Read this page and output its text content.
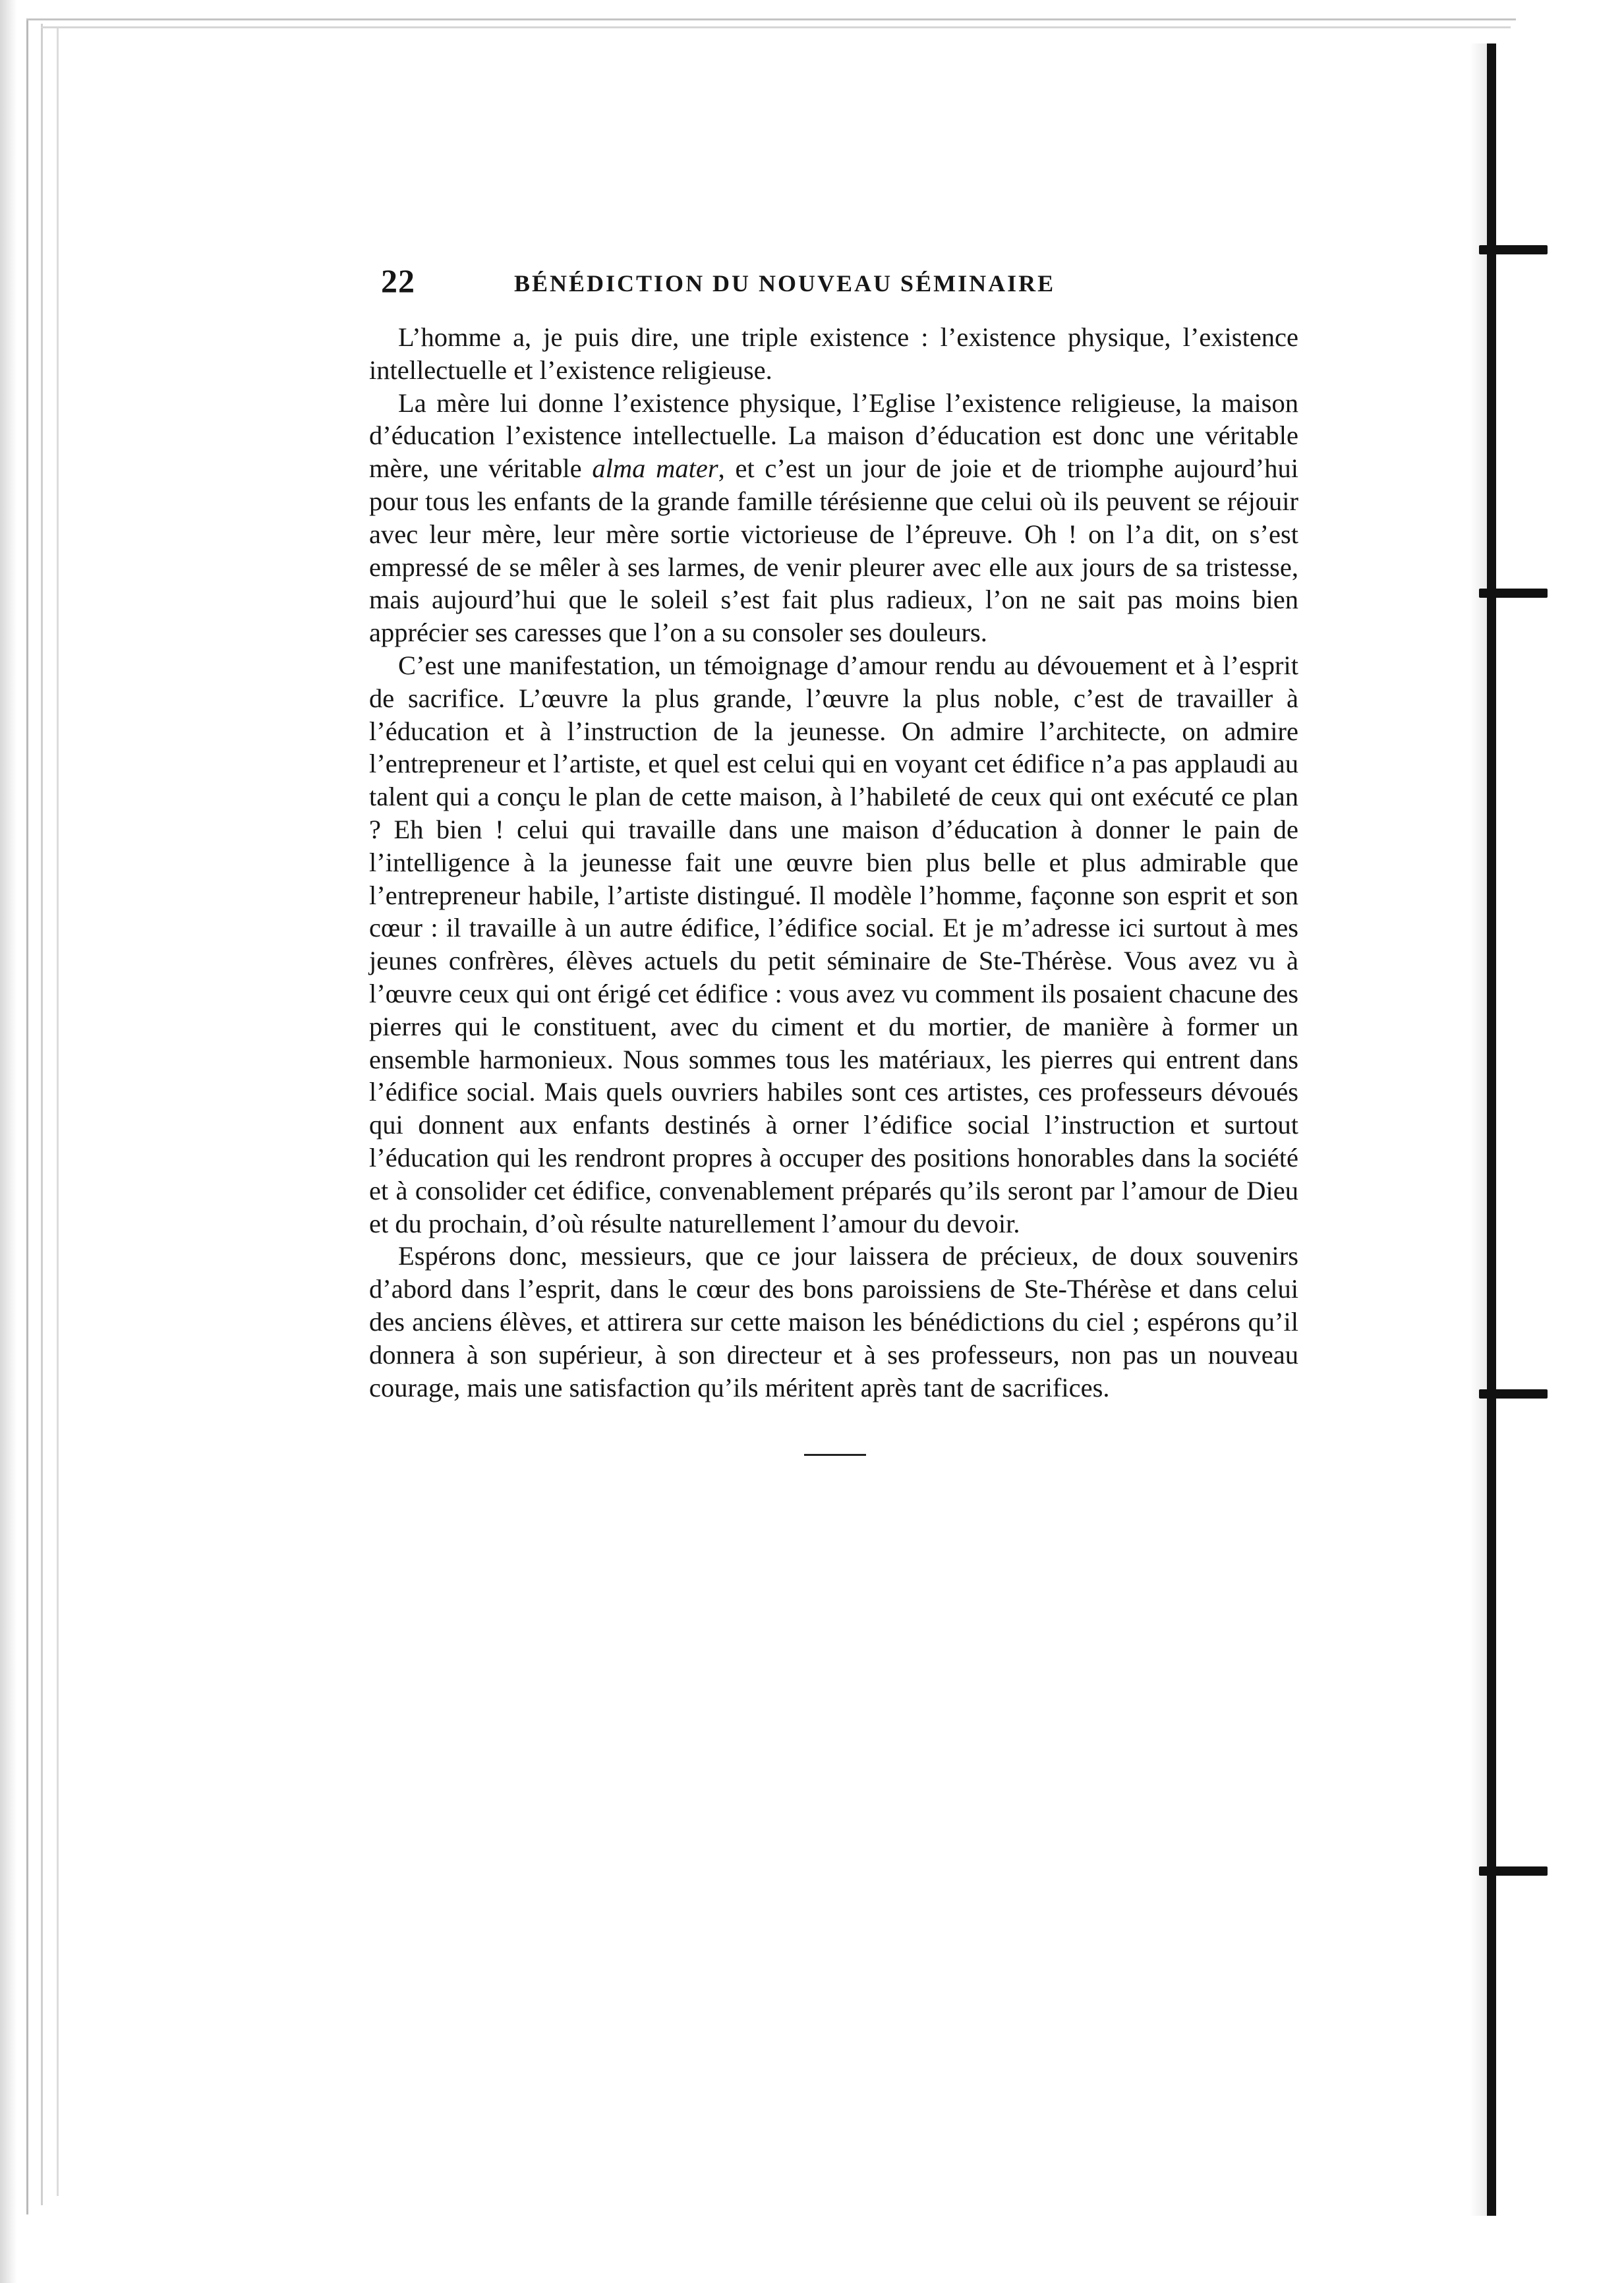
22	BÉNÉDICTION DU NOUVEAU SÉMINAIRE

L’homme a, je puis dire, une triple existence : l’existence physique, l’existence intellectuelle et l’existence religieuse.

La mère lui donne l’existence physique, l’Eglise l’existence religieuse, la maison d’éducation l’existence intellectuelle. La maison d’éducation est donc une véritable mère, une véritable alma mater, et c’est un jour de joie et de triomphe aujourd’hui pour tous les enfants de la grande famille térésienne que celui où ils peuvent se réjouir avec leur mère, leur mère sortie victorieuse de l’épreuve. Oh ! on l’a dit, on s’est empressé de se mêler à ses larmes, de venir pleurer avec elle aux jours de sa tristesse, mais aujourd’hui que le soleil s’est fait plus radieux, l’on ne sait pas moins bien apprécier ses caresses que l’on a su consoler ses douleurs.

C’est une manifestation, un témoignage d’amour rendu au dévouement et à l’esprit de sacrifice. L’œuvre la plus grande, l’œuvre la plus noble, c’est de travailler à l’éducation et à l’instruction de la jeunesse. On admire l’architecte, on admire l’entrepreneur et l’artiste, et quel est celui qui en voyant cet édifice n’a pas applaudi au talent qui a conçu le plan de cette maison, à l’habileté de ceux qui ont exécuté ce plan ? Eh bien ! celui qui travaille dans une maison d’éducation à donner le pain de l’intelligence à la jeunesse fait une œuvre bien plus belle et plus admirable que l’entrepreneur habile, l’artiste distingué. Il modèle l’homme, façonne son esprit et son cœur : il travaille à un autre édifice, l’édifice social. Et je m’adresse ici surtout à mes jeunes confrères, élèves actuels du petit séminaire de Ste-Thérèse. Vous avez vu à l’œuvre ceux qui ont érigé cet édifice : vous avez vu comment ils posaient chacune des pierres qui le constituent, avec du ciment et du mortier, de manière à former un ensemble harmonieux. Nous sommes tous les matériaux, les pierres qui entrent dans l’édifice social. Mais quels ouvriers habiles sont ces artistes, ces professeurs dévoués qui donnent aux enfants destinés à orner l’édifice social l’instruction et surtout l’éducation qui les rendront propres à occuper des positions honorables dans la société et à consolider cet édifice, convenablement préparés qu’ils seront par l’amour de Dieu et du prochain, d’où résulte naturellement l’amour du devoir.

Espérons donc, messieurs, que ce jour laissera de précieux, de doux souvenirs d’abord dans l’esprit, dans le cœur des bons paroissiens de Ste-Thérèse et dans celui des anciens élèves, et attirera sur cette maison les bénédictions du ciel ; espérons qu’il donnera à son supérieur, à son directeur et à ses professeurs, non pas un nouveau courage, mais une satisfaction qu’ils méritent après tant de sacrifices.
